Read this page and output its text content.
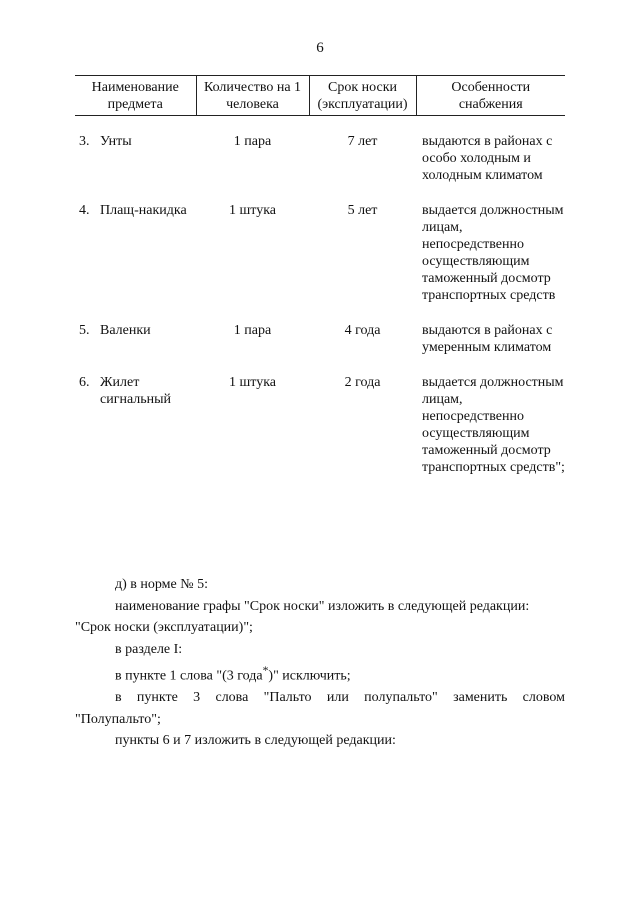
6
Наименование предмета	Количество на 1 человека	Срок носки (эксплуатации)	Особенности снабжения

3. Унты	1 пара	7 лет	выдаются в районах с особо холодным и холодным климатом
4. Плащ-накидка	1 штука	5 лет	выдается должностным лицам, непосредственно осуществляющим таможенный досмотр транспортных средств
5. Валенки	1 пара	4 года	выдаются в районах с умеренным климатом
6. Жилет сигнальный	1 штука	2 года	выдается должностным лицам, непосредственно осуществляющим таможенный досмотр транспортных средств";

д) в норме № 5:

наименование графы "Срок носки" изложить в следующей редакции:

"Срок носки (эксплуатации)";

в разделе I:

в пункте 1 слова "(3 года*)" исключить;

в пункте 3 слова "Пальто или полупальто" заменить словом

"Полупальто";

пункты 6 и 7 изложить в следующей редакции:
